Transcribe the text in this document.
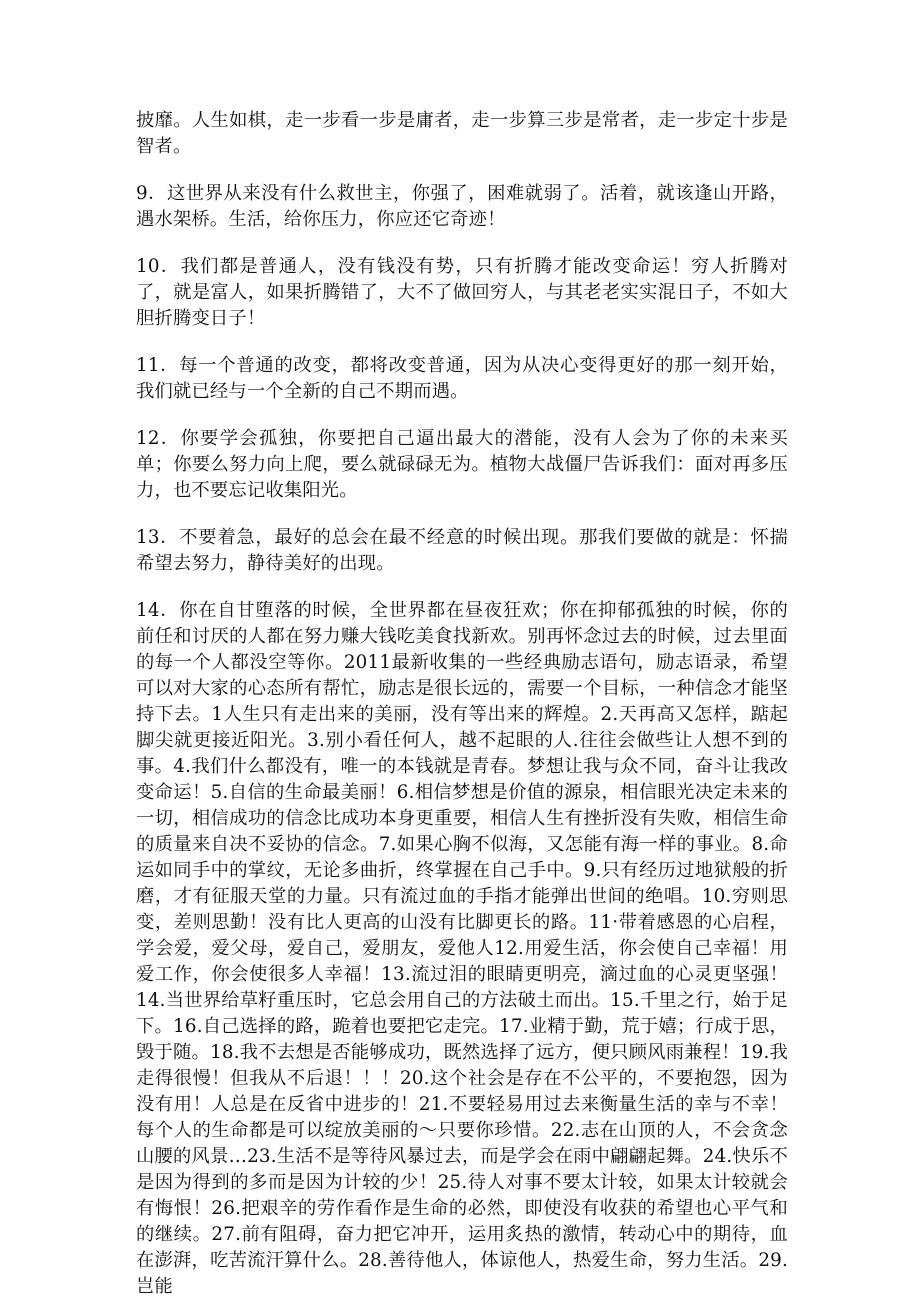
披靡。人生如棋，走一步看一步是庸者，走一步算三步是常者，走一步定十步是智者。

9．这世界从来没有什么救世主，你强了，困难就弱了。活着，就该逢山开路，遇水架桥。生活，给你压力，你应还它奇迹！

10．我们都是普通人，没有钱没有势，只有折腾才能改变命运！穷人折腾对了，就是富人，如果折腾错了，大不了做回穷人，与其老老实实混日子，不如大胆折腾变日子！

11．每一个普通的改变，都将改变普通，因为从决心变得更好的那一刻开始，我们就已经与一个全新的自己不期而遇。

12．你要学会孤独，你要把自己逼出最大的潜能，没有人会为了你的未来买单；你要么努力向上爬，要么就碌碌无为。植物大战僵尸告诉我们：面对再多压力，也不要忘记收集阳光。

13．不要着急，最好的总会在最不经意的时候出现。那我们要做的就是：怀揣希望去努力，静待美好的出现。

14．你在自甘堕落的时候，全世界都在昼夜狂欢；你在抑郁孤独的时候，你的前任和讨厌的人都在努力赚大钱吃美食找新欢。别再怀念过去的时候，过去里面的每一个人都没空等你。2011最新收集的一些经典励志语句，励志语录，希望可以对大家的心态所有帮忙，励志是很长远的，需要一个目标，一种信念才能坚持下去。1人生只有走出来的美丽，没有等出来的辉煌。2.天再高又怎样，踮起脚尖就更接近阳光。3.别小看任何人，越不起眼的人.往往会做些让人想不到的事。4.我们什么都没有，唯一的本钱就是青春。梦想让我与众不同，奋斗让我改变命运！5.自信的生命最美丽！6.相信梦想是价值的源泉，相信眼光决定未来的一切，相信成功的信念比成功本身更重要，相信人生有挫折没有失败，相信生命的质量来自决不妥协的信念。7.如果心胸不似海，又怎能有海一样的事业。8.命运如同手中的掌纹，无论多曲折，终掌握在自己手中。9.只有经历过地狱般的折磨，才有征服天堂的力量。只有流过血的手指才能弹出世间的绝唱。10.穷则思变，差则思勤！没有比人更高的山没有比脚更长的路。11·带着感恩的心启程，学会爱，爱父母，爱自己，爱朋友，爱他人12.用爱生活，你会使自己幸福！用爱工作，你会使很多人幸福！13.流过泪的眼睛更明亮，滴过血的心灵更坚强！14.当世界给草籽重压时，它总会用自己的方法破土而出。15.千里之行，始于足下。16.自己选择的路，跪着也要把它走完。17.业精于勤，荒于嬉；行成于思，毁于随。18.我不去想是否能够成功，既然选择了远方，便只顾风雨兼程！19.我走得很慢！但我从不后退！！！20.这个社会是存在不公平的，不要抱怨，因为没有用！人总是在反省中进步的！21.不要轻易用过去来衡量生活的幸与不幸！每个人的生命都是可以绽放美丽的～只要你珍惜。22.志在山顶的人，不会贪念山腰的风景…23.生活不是等待风暴过去，而是学会在雨中翩翩起舞。24.快乐不是因为得到的多而是因为计较的少！25.待人对事不要太计较，如果太计较就会有悔恨！26.把艰辛的劳作看作是生命的必然，即使没有收获的希望也心平气和的继续。27.前有阻碍，奋力把它冲开，运用炙热的激情，转动心中的期待，血在澎湃，吃苦流汗算什么。28.善待他人，体谅他人，热爱生命，努力生活。29.岂能
